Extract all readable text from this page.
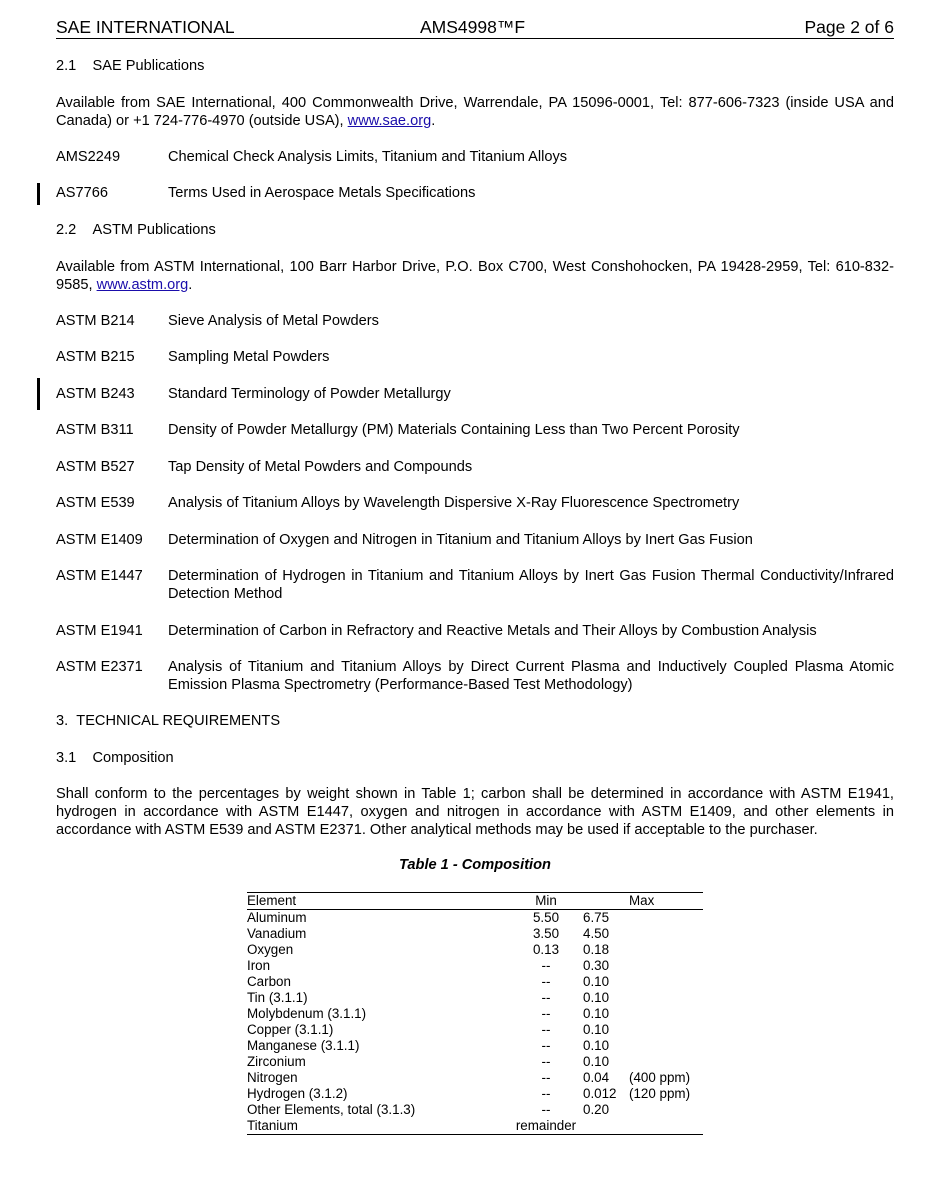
SAE INTERNATIONAL	AMS4998™F	Page 2 of 6
2.1    SAE Publications
Available from SAE International, 400 Commonwealth Drive, Warrendale, PA 15096-0001, Tel: 877-606-7323 (inside USA and Canada) or +1 724-776-4970 (outside USA), www.sae.org.
AMS2249	Chemical Check Analysis Limits, Titanium and Titanium Alloys
AS7766	Terms Used in Aerospace Metals Specifications
2.2    ASTM Publications
Available from ASTM International, 100 Barr Harbor Drive, P.O. Box C700, West Conshohocken, PA 19428-2959, Tel: 610-832-9585, www.astm.org.
ASTM B214 Sieve Analysis of Metal Powders
ASTM B215 Sampling Metal Powders
ASTM B243 Standard Terminology of Powder Metallurgy
ASTM B311 Density of Powder Metallurgy (PM) Materials Containing Less than Two Percent Porosity
ASTM B527 Tap Density of Metal Powders and Compounds
ASTM E539 Analysis of Titanium Alloys by Wavelength Dispersive X-Ray Fluorescence Spectrometry
ASTM E1409 Determination of Oxygen and Nitrogen in Titanium and Titanium Alloys by Inert Gas Fusion
ASTM E1447 Determination of Hydrogen in Titanium and Titanium Alloys by Inert Gas Fusion Thermal Conductivity/Infrared Detection Method
ASTM E1941 Determination of Carbon in Refractory and Reactive Metals and Their Alloys by Combustion Analysis
ASTM E2371 Analysis of Titanium and Titanium Alloys by Direct Current Plasma and Inductively Coupled Plasma Atomic Emission Plasma Spectrometry (Performance-Based Test Methodology)
3.  TECHNICAL REQUIREMENTS
3.1    Composition
Shall conform to the percentages by weight shown in Table 1; carbon shall be determined in accordance with ASTM E1941, hydrogen in accordance with ASTM E1447, oxygen and nitrogen in accordance with ASTM E1409, and other elements in accordance with ASTM E539 and ASTM E2371. Other analytical methods may be used if acceptable to the purchaser.
Table 1 - Composition
Element	Min		Max
Aluminum	5.50	6.75	
Vanadium	3.50	4.50	
Oxygen	0.13	0.18	
Iron	--	0.30	
Carbon	--	0.10	
Tin (3.1.1)	--	0.10	
Molybdenum (3.1.1)	--	0.10	
Copper (3.1.1)	--	0.10	
Manganese (3.1.1)	--	0.10	
Zirconium	--	0.10	
Nitrogen	--	0.04	(400 ppm)
Hydrogen (3.1.2)	--	0.012	(120 ppm)
Other Elements, total (3.1.3)	--	0.20	
Titanium	remainder		
